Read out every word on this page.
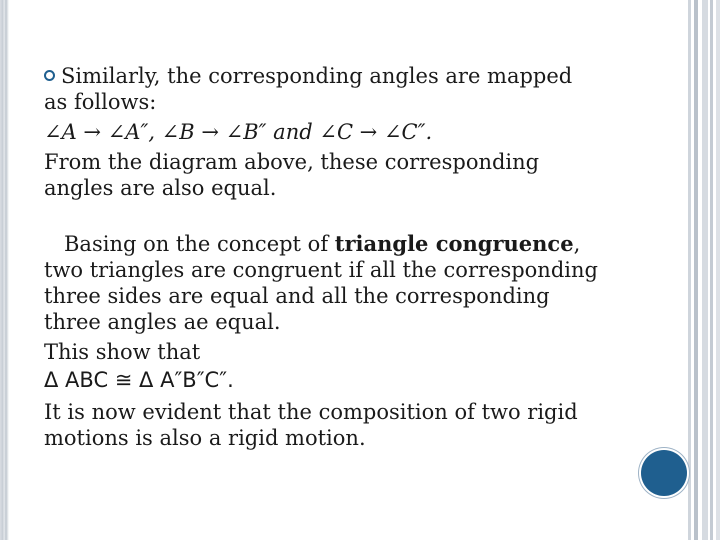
Similarly, the corresponding angles are mapped
as follows:
∠A → ∠A″, ∠B → ∠B″ and ∠C → ∠C″.
From the diagram above, these corresponding
angles are also equal.
Basing on the concept of triangle congruence,
two triangles are congruent if all the corresponding
three sides are equal and all the corresponding
three angles ae equal.
This show that
Δ ABC ≅ Δ A″B″C″.
It is now evident that the composition of two rigid
motions is also a rigid motion.
